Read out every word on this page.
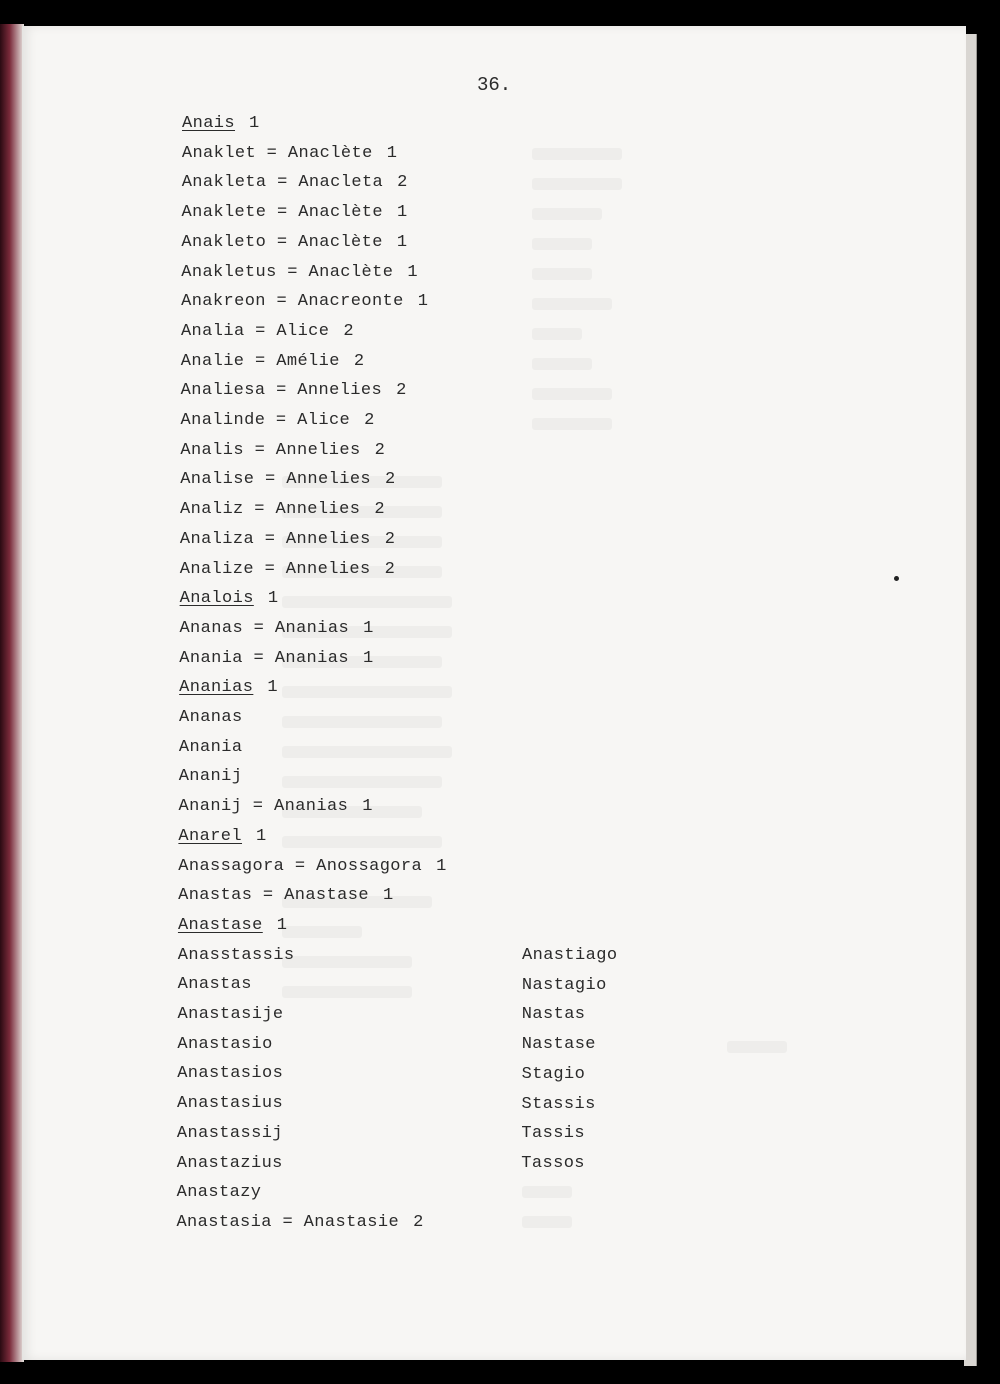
36.
Anais 1
Anaklet = Anaclète 1
Anakleta = Anacleta 2
Anaklete = Anaclète 1
Anakleto = Anaclète 1
Anakletus = Anaclète 1
Anakreon = Anacreonte 1
Analia = Alice 2
Analie = Amélie 2
Analiesa = Annelies 2
Analinde = Alice 2
Analis = Annelies 2
Analise = Annelies 2
Analiz = Annelies 2
Analiza = Annelies 2
Analize = Annelies 2
Analois 1
Ananas = Ananias 1
Anania = Ananias 1
Ananias 1
Ananas
Anania
Ananij
Ananij = Ananias 1
Anarel 1
Anassagora = Anossagora 1
Anastas = Anastase 1
Anastase 1
Anasstassis
Anastas
Anastasije
Anastasio
Anastasios
Anastasius
Anastassij
Anastazius
Anastazy
Anastasia = Anastasie 2
Anastiago
Nastagio
Nastas
Nastase
Stagio
Stassis
Tassis
Tassos
